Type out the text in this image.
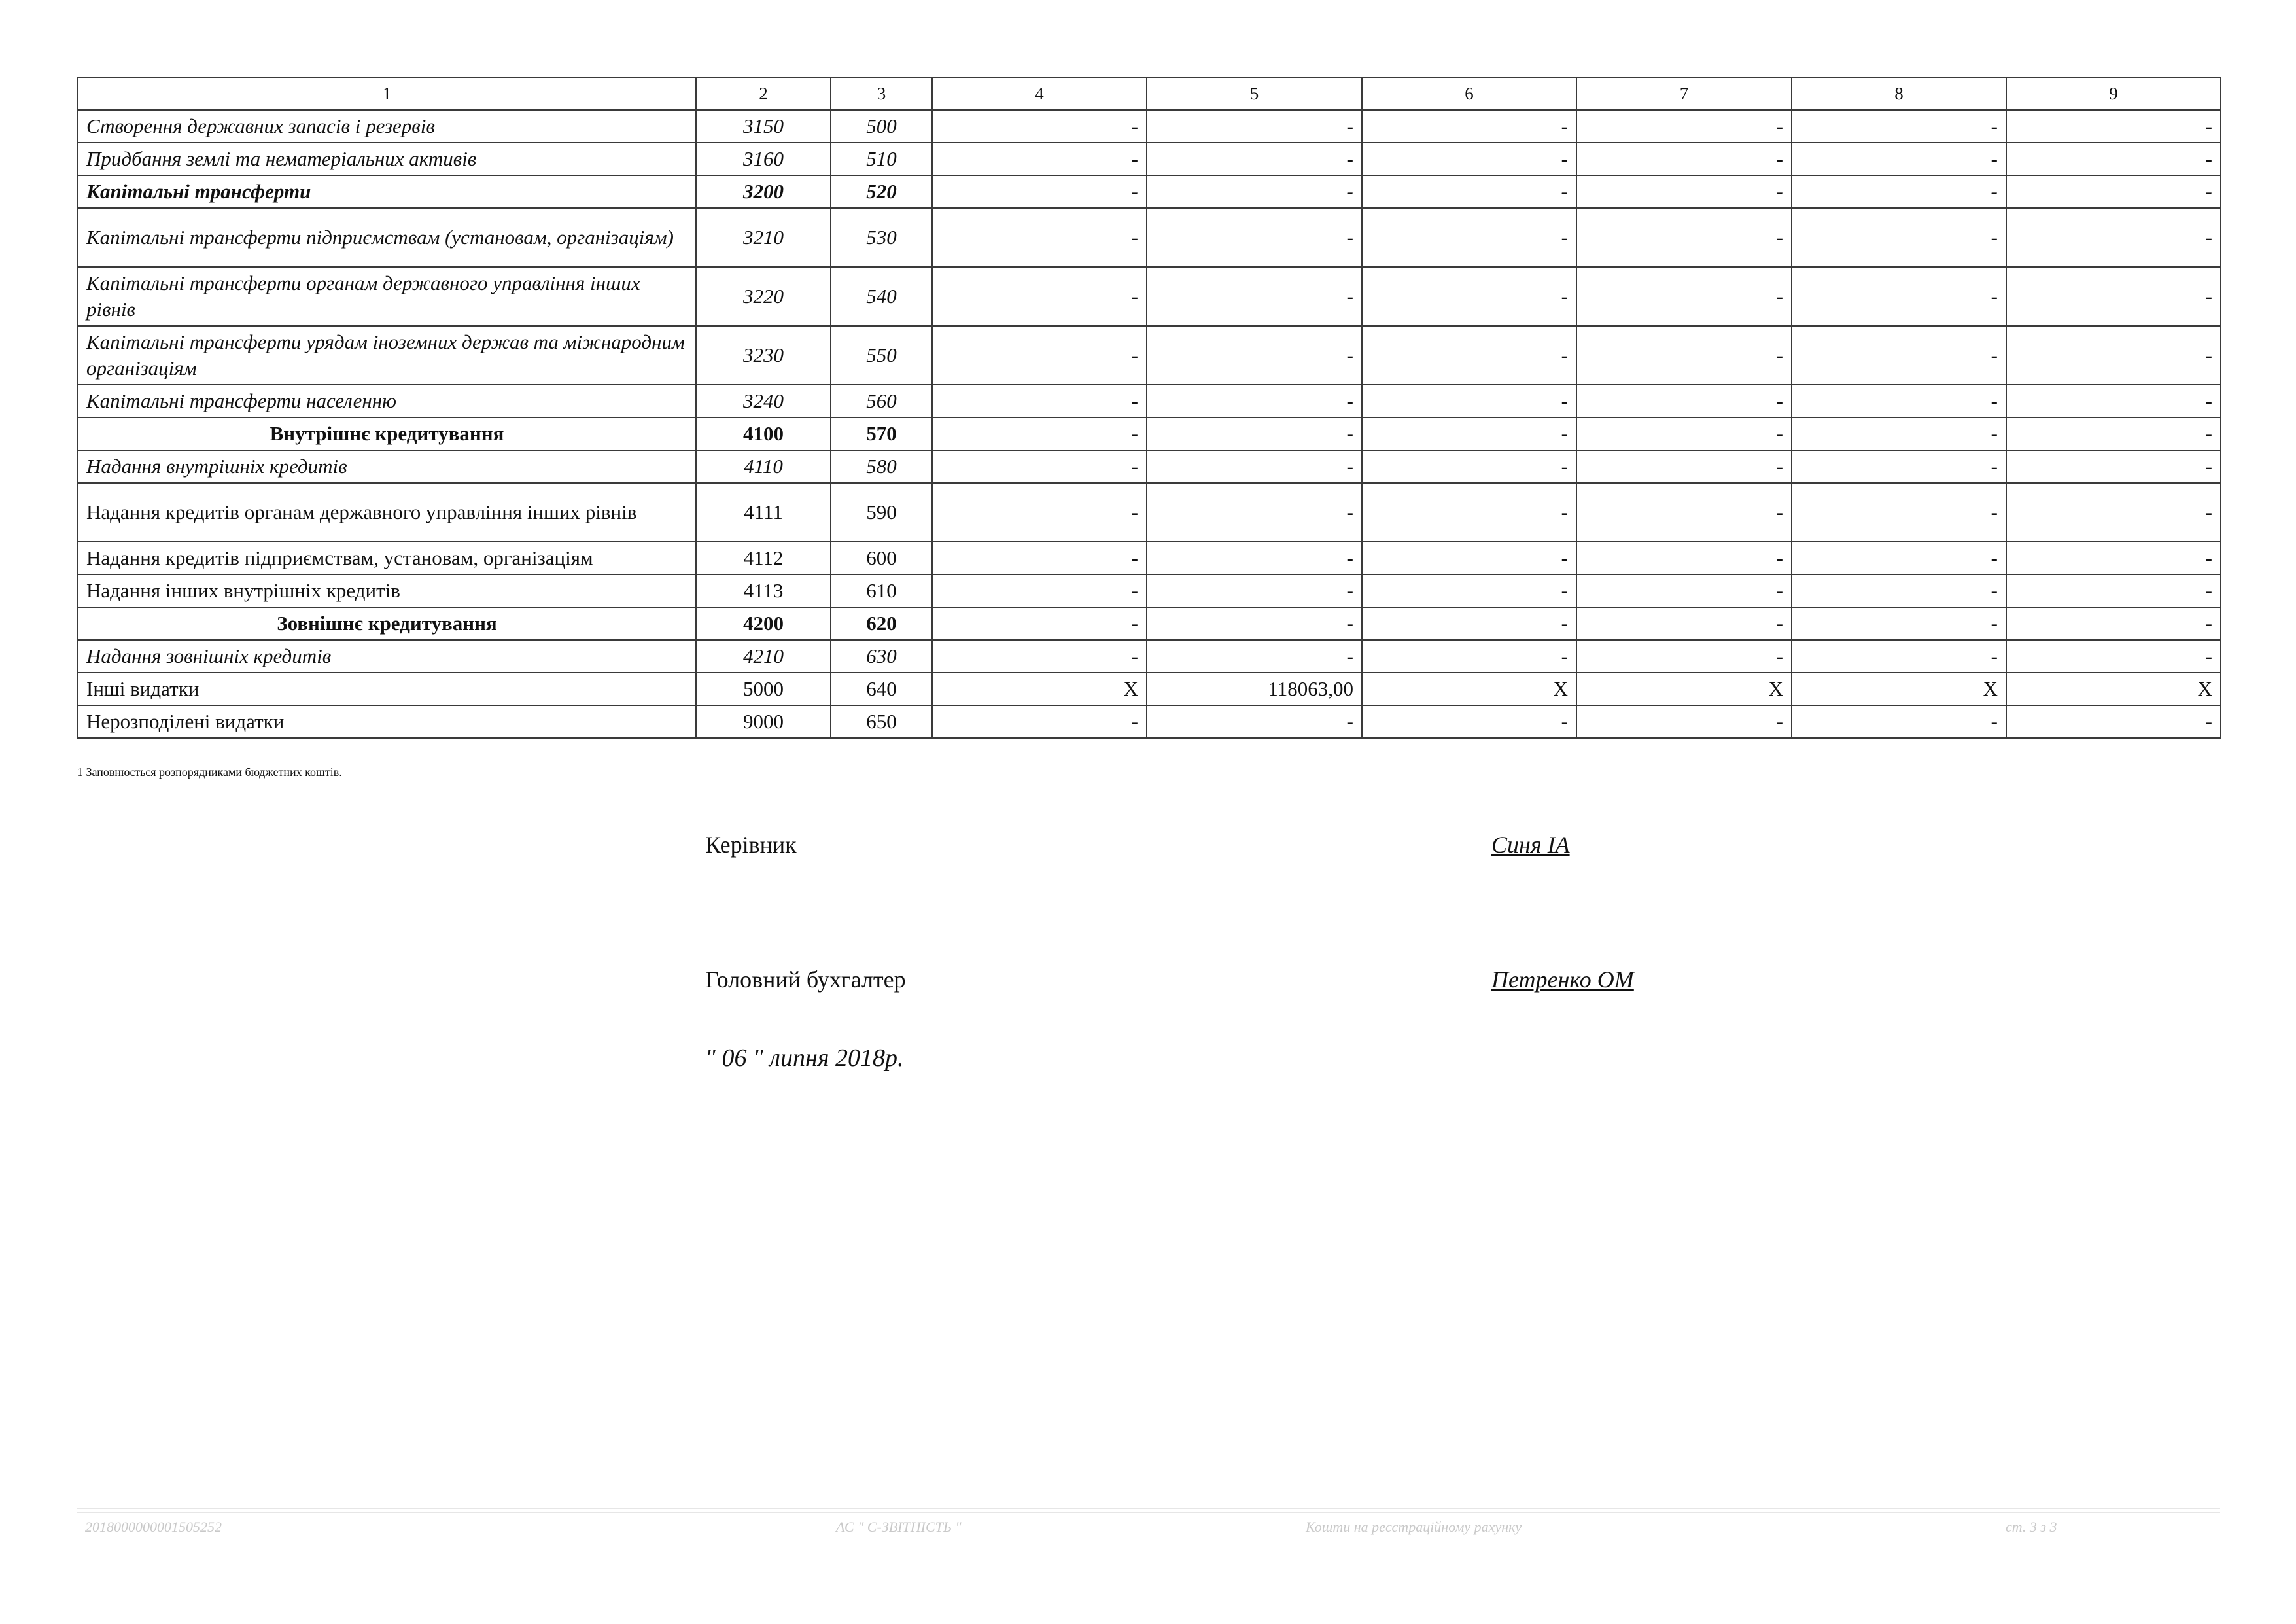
1	2	3	4	5	6	7	8	9
Створення державних запасів і резервів	3150	500	-	-	-	-	-	-
Придбання землі та нематеріальних активів	3160	510	-	-	-	-	-	-
Капітальні трансферти	3200	520	-	-	-	-	-	-
Капітальні трансферти підприємствам (установам, організаціям)	3210	530	-	-	-	-	-	-
Капітальні трансферти органам державного управління інших рівнів	3220	540	-	-	-	-	-	-
Капітальні трансферти урядам іноземних держав та міжнародним організаціям	3230	550	-	-	-	-	-	-
Капітальні трансферти населенню	3240	560	-	-	-	-	-	-
Внутрішнє кредитування	4100	570	-	-	-	-	-	-
Надання внутрішніх кредитів	4110	580	-	-	-	-	-	-
Надання кредитів органам державного управління інших рівнів	4111	590	-	-	-	-	-	-
Надання кредитів підприємствам, установам, організаціям	4112	600	-	-	-	-	-	-
Надання інших внутрішніх кредитів	4113	610	-	-	-	-	-	-
Зовнішнє кредитування	4200	620	-	-	-	-	-	-
Надання зовнішніх кредитів	4210	630	-	-	-	-	-	-
Інші видатки	5000	640	X	118063,00	X	X	X	X
Нерозподілені видатки	9000	650	-	-	-	-	-	-
1 Заповнюється розпорядниками бюджетних коштів.
Керівник	Синя ІА
Головний бухгалтер	Петренко ОМ
" 06 " липня 2018р.
2018000000001505252	АС " Є-ЗВІТНІСТЬ "	Кошти на реєстраційному рахунку	ст. 3 з 3
